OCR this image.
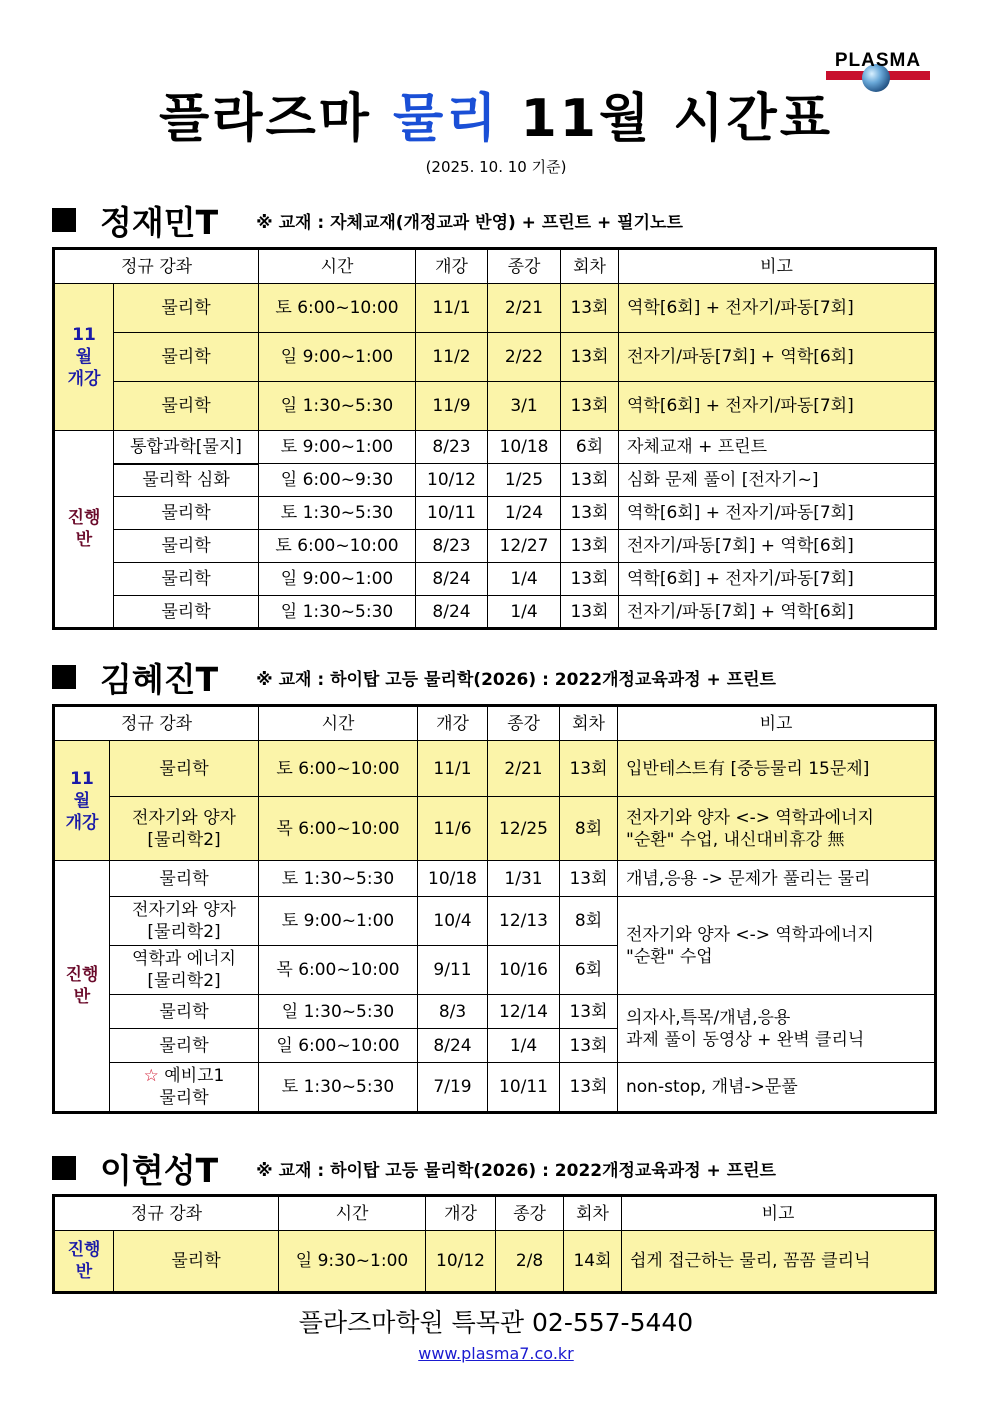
PLASMA
플라즈마 물리 11월 시간표
(2025. 10. 10 기준)
정재민T ※ 교재 : 자체교재(개정교과 반영) + 프린트 + 필기노트
정규 강좌		시간	개강	종강	회차	비고
11
월
개강	물리학	토 6:00~10:00	11/1	2/21	13회	역학[6회] + 전자기/파동[7회]
	물리학	일 9:00~1:00	11/2	2/22	13회	전자기/파동[7회] + 역학[6회]
	물리학	일 1:30~5:30	11/9	3/1	13회	역학[6회] + 전자기/파동[7회]
진행
반	통합과학[물지]	토 9:00~1:00	8/23	10/18	6회	자체교재 + 프린트
	물리학 심화	일 6:00~9:30	10/12	1/25	13회	심화 문제 풀이 [전자기~]
	물리학	토 1:30~5:30	10/11	1/24	13회	역학[6회] + 전자기/파동[7회]
	물리학	토 6:00~10:00	8/23	12/27	13회	전자기/파동[7회] + 역학[6회]
	물리학	일 9:00~1:00	8/24	1/4	13회	역학[6회] + 전자기/파동[7회]
	물리학	일 1:30~5:30	8/24	1/4	13회	전자기/파동[7회] + 역학[6회]
김혜진T ※ 교재 : 하이탑 고등 물리학(2026) : 2022개정교육과정 + 프린트
정규 강좌		시간	개강	종강	회차	비고
11
월
개강	물리학	토 6:00~10:00	11/1	2/21	13회	입반테스트有 [중등물리 15문제]
	전자기와 양자
[물리학2]	목 6:00~10:00	11/6	12/25	8회	전자기와 양자 <-> 역학과에너지
"순환" 수업, 내신대비휴강 無
진행
반	물리학	토 1:30~5:30	10/18	1/31	13회	개념,응용 -> 문제가 풀리는 물리
	전자기와 양자
[물리학2]	토 9:00~1:00	10/4	12/13	8회	전자기와 양자 <-> 역학과에너지
"순환" 수업
	역학과 에너지
[물리학2]	목 6:00~10:00	9/11	10/16	6회	
	물리학	일 1:30~5:30	8/3	12/14	13회	의자사,특목/개념,응용
과제 풀이 동영상 + 완벽 클리닉
	물리학	일 6:00~10:00	8/24	1/4	13회	
	☆ 예비고1
물리학	토 1:30~5:30	7/19	10/11	13회	non-stop, 개념->문풀
이현성T ※ 교재 : 하이탑 고등 물리학(2026) : 2022개정교육과정 + 프린트
정규 강좌		시간	개강	종강	회차	비고
진행
반	물리학	일 9:30~1:00	10/12	2/8	14회	쉽게 접근하는 물리, 꼼꼼 클리닉
플라즈마학원 특목관 02-557-5440
www.plasma7.co.kr
